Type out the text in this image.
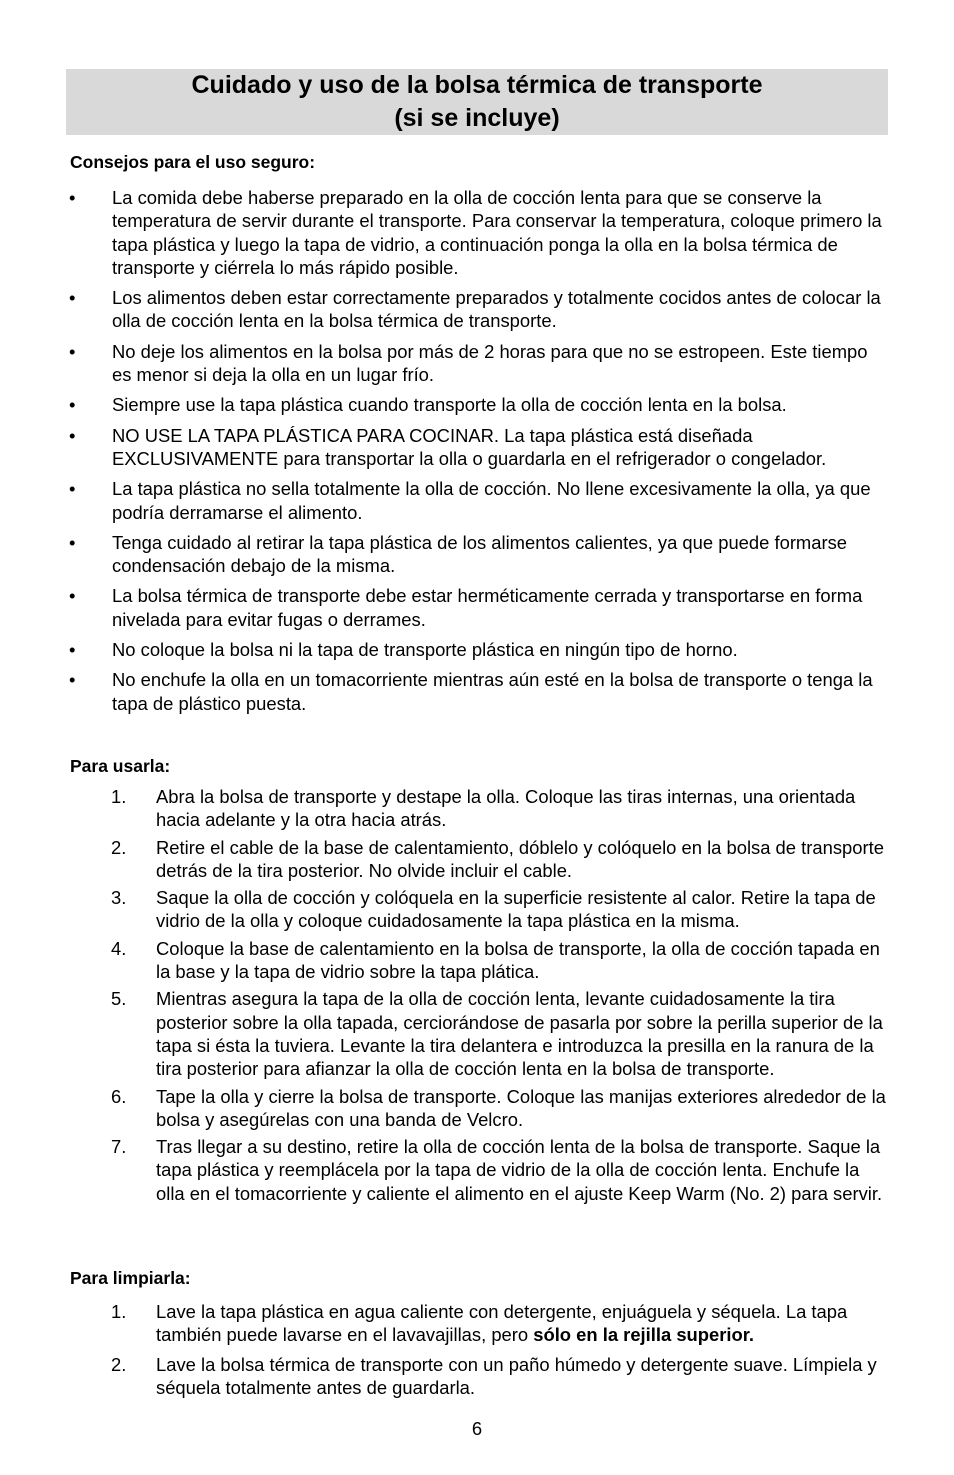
Cuidado y uso de la bolsa térmica de transporte
(si se incluye)
Consejos para el uso seguro:
• La comida debe haberse preparado en la olla de cocción lenta para que se conserve la temperatura de servir durante el transporte. Para conservar la temperatura, coloque primero la tapa plástica y luego la tapa de vidrio, a continuación ponga la olla en la bolsa térmica de transporte y ciérrela lo más rápido posible.
• Los alimentos deben estar correctamente preparados y totalmente cocidos antes de colocar la olla de cocción lenta en la bolsa térmica de transporte.
• No deje los alimentos en la bolsa por más de 2 horas para que no se estropeen. Este tiempo es menor si deja la olla en un lugar frío.
• Siempre use la tapa plástica cuando transporte la olla de cocción lenta en la bolsa.
• NO USE LA TAPA PLÁSTICA PARA COCINAR. La tapa plástica está diseñada EXCLUSIVAMENTE para transportar la olla o guardarla en el refrigerador o congelador.
• La tapa plástica no sella totalmente la olla de cocción. No llene excesivamente la olla, ya que podría derramarse el alimento.
• Tenga cuidado al retirar la tapa plástica de los alimentos calientes, ya que puede formarse condensación debajo de la misma.
• La bolsa térmica de transporte debe estar herméticamente cerrada y transportarse en forma nivelada para evitar fugas o derrames.
• No coloque la bolsa ni la tapa de transporte plástica en ningún tipo de horno.
• No enchufe la olla en un tomacorriente mientras aún esté en la bolsa de transporte o tenga la tapa de plástico puesta.
Para usarla:
1. Abra la bolsa de transporte y destape la olla. Coloque las tiras internas, una orientada hacia adelante y la otra hacia atrás.
2. Retire el cable de la base de calentamiento, dóblelo y colóquelo en la bolsa de transporte detrás de la tira posterior. No olvide incluir el cable.
3. Saque la olla de cocción y colóquela en la superficie resistente al calor. Retire la tapa de vidrio de la olla y coloque cuidadosamente la tapa plástica en la misma.
4. Coloque la base de calentamiento en la bolsa de transporte, la olla de cocción tapada en la base y la tapa de vidrio sobre la tapa plática.
5. Mientras asegura la tapa de la olla de cocción lenta, levante cuidadosamente la tira posterior sobre la olla tapada, cerciorándose de pasarla por sobre la perilla superior de la tapa si ésta la tuviera. Levante la tira delantera e introduzca la presilla en la ranura de la tira posterior para afianzar la olla de cocción lenta en la bolsa de transporte.
6. Tape la olla y cierre la bolsa de transporte. Coloque las manijas exteriores alrededor de la bolsa y asegúrelas con una banda de Velcro.
7. Tras llegar a su destino, retire la olla de cocción lenta de la bolsa de transporte. Saque la tapa plástica y reemplácela por la tapa de vidrio de la olla de cocción lenta. Enchufe la olla en el tomacorriente y caliente el alimento en el ajuste Keep Warm (No. 2) para servir.
Para limpiarla:
1. Lave la tapa plástica en agua caliente con detergente, enjuáguela y séquela. La tapa también puede lavarse en el lavavajillas, pero sólo en la rejilla superior.
2. Lave la bolsa térmica de transporte con un paño húmedo y detergente suave. Límpiela y séquela totalmente antes de guardarla.
6
